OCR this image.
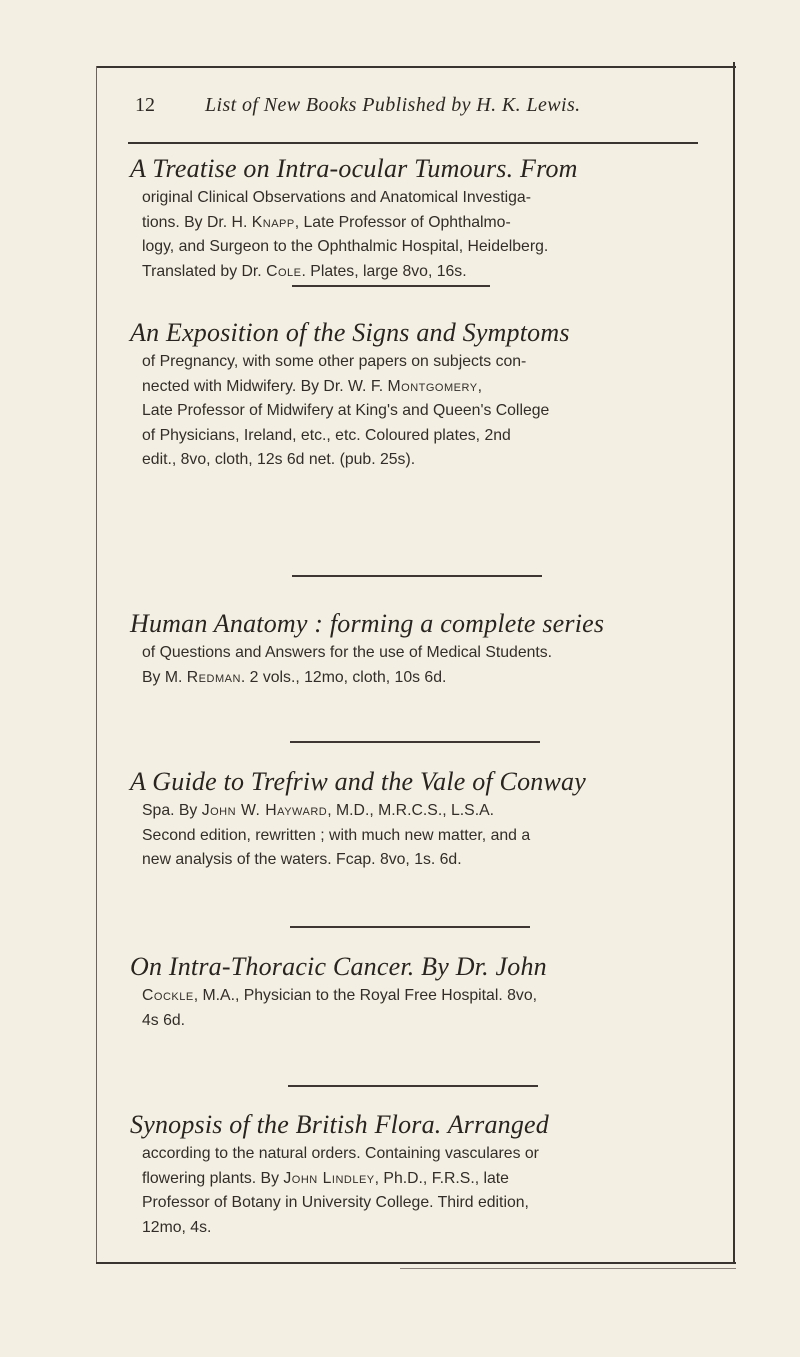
12	List of New Books Published by H. K. Lewis.
A Treatise on Intra-ocular Tumours. From
original Clinical Observations and Anatomical Investiga-
tions. By Dr. H. Knapp, Late Professor of Ophthalmo-
logy, and Surgeon to the Ophthalmic Hospital, Heidelberg.
Translated by Dr. Cole. Plates, large 8vo, 16s.
An Exposition of the Signs and Symptoms
of Pregnancy, with some other papers on subjects con-
nected with Midwifery. By Dr. W. F. Montgomery,
Late Professor of Midwifery at King's and Queen's College
of Physicians, Ireland, etc., etc. Coloured plates, 2nd
edit., 8vo, cloth, 12s 6d net. (pub. 25s).
Human Anatomy : forming a complete series
of Questions and Answers for the use of Medical Students.
By M. Redman. 2 vols., 12mo, cloth, 10s 6d.
A Guide to Trefriw and the Vale of Conway
Spa. By John W. Hayward, M.D., M.R.C.S., L.S.A.
Second edition, rewritten ; with much new matter, and a
new analysis of the waters. Fcap. 8vo, 1s. 6d.
On Intra-Thoracic Cancer. By Dr. John
Cockle, M.A., Physician to the Royal Free Hospital. 8vo,
4s 6d.
Synopsis of the British Flora. Arranged
according to the natural orders. Containing vasculares or
flowering plants. By John Lindley, Ph.D., F.R.S., late
Professor of Botany in University College. Third edition,
12mo, 4s.
